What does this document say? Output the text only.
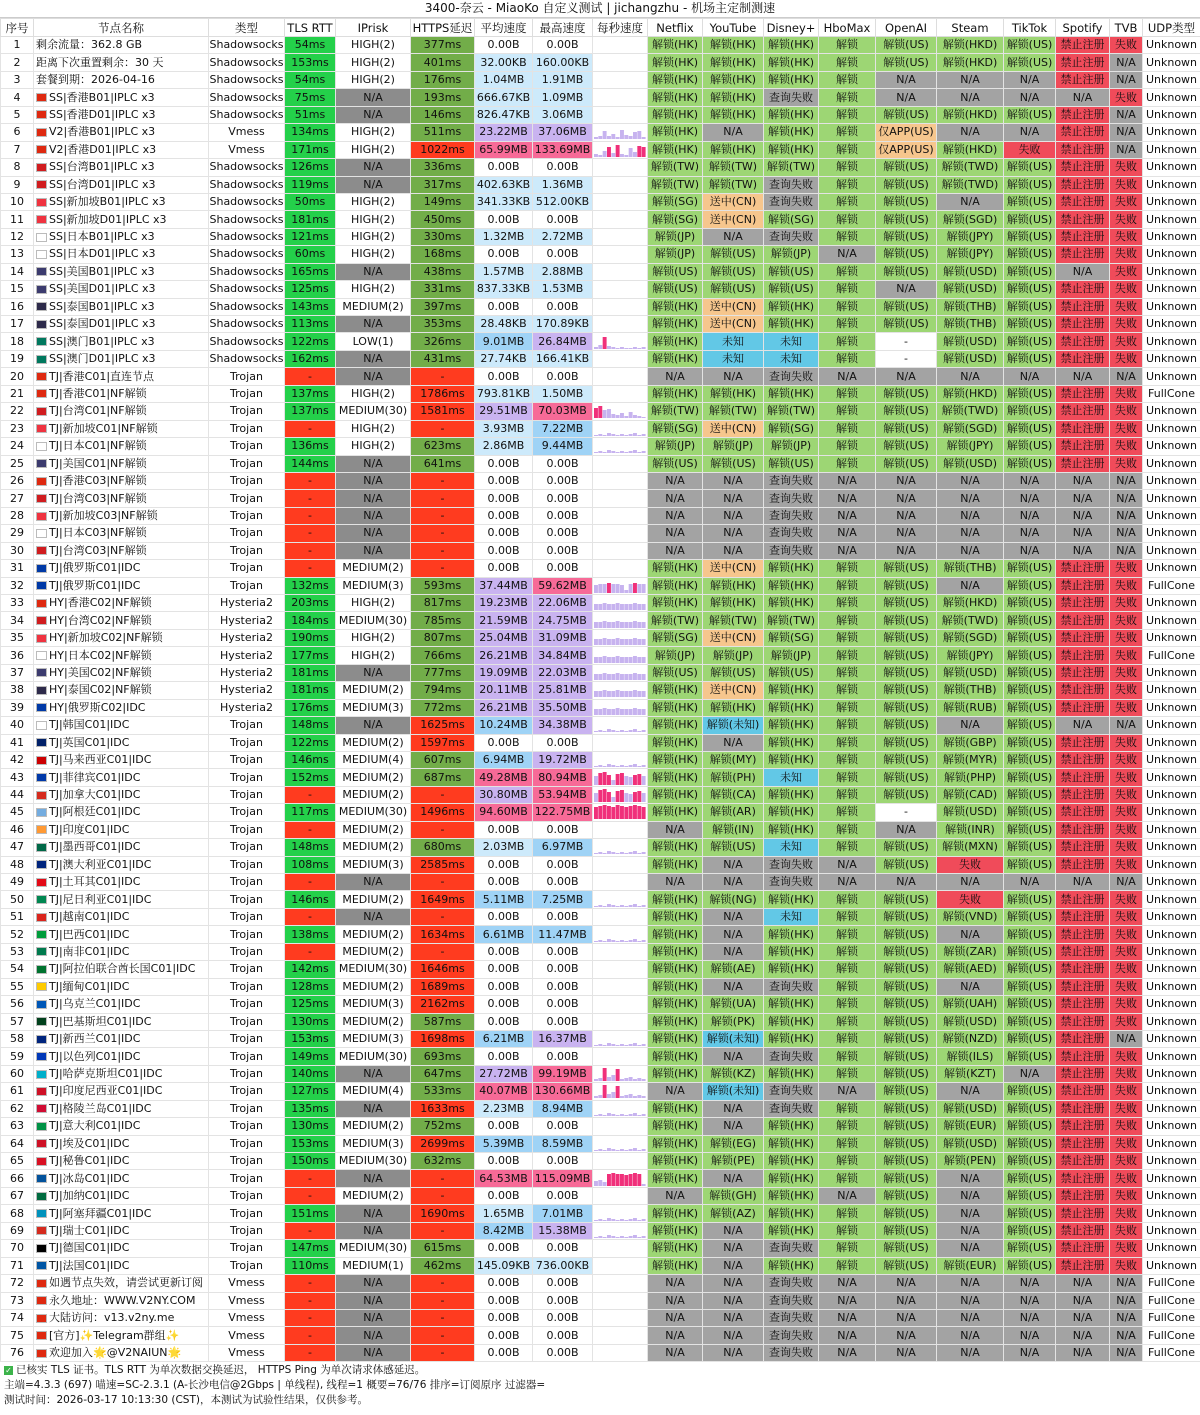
3400-奈云 - MiaoKo 自定义测试 | jichangzhu - 机场主定制测速
序号	节点名称	类型	TLS RTT	IPrisk	HTTPS延迟	平均速度	最高速度	每秒速度	Netflix	YouTube	Disney+	HboMax	OpenAI	Steam	TikTok	Spotify	TVB	UDP类型
1	剩余流量：362.8 GB	Shadowsocks	54ms	HIGH(2)	377ms	0.00B	0.00B		解锁(HK)	解锁(HK)	解锁(HK)	解锁	解锁(US)	解锁(HKD)	解锁(US)	禁止注册	失败	Unknown
2	距离下次重置剩余：30 天	Shadowsocks	153ms	HIGH(2)	401ms	32.00KB	160.00KB		解锁(HK)	解锁(HK)	解锁(HK)	解锁	解锁(US)	解锁(HKD)	解锁(US)	禁止注册	N/A	Unknown
3	套餐到期：2026-04-16	Shadowsocks	54ms	HIGH(2)	176ms	1.04MB	1.91MB		解锁(HK)	解锁(HK)	解锁(HK)	解锁	N/A	N/A	N/A	禁止注册	N/A	Unknown
4	SS|香港B01|IPLC x3	Shadowsocks	75ms	N/A	193ms	666.67KB	1.09MB		解锁(HK)	解锁(HK)	查询失败	解锁	N/A	N/A	N/A	N/A	失败	Unknown
5	SS|香港D01|IPLC x3	Shadowsocks	51ms	N/A	146ms	826.47KB	3.06MB		解锁(HK)	解锁(HK)	解锁(HK)	解锁	解锁(US)	解锁(HKD)	解锁(US)	禁止注册	N/A	Unknown
6	V2|香港B01|IPLC x3	Vmess	134ms	HIGH(2)	511ms	23.22MB	37.06MB		解锁(HK)	N/A	解锁(HK)	解锁	仅APP(US)	N/A	N/A	禁止注册	N/A	Unknown
7	V2|香港D01|IPLC x3	Vmess	171ms	HIGH(2)	1022ms	65.99MB	133.69MB		解锁(HK)	解锁(HK)	解锁(HK)	解锁	仅APP(US)	解锁(HKD)	失败	禁止注册	N/A	Unknown
8	SS|台湾B01|IPLC x3	Shadowsocks	126ms	N/A	336ms	0.00B	0.00B		解锁(TW)	解锁(TW)	解锁(TW)	解锁	解锁(US)	解锁(TWD)	解锁(US)	禁止注册	失败	Unknown
9	SS|台湾D01|IPLC x3	Shadowsocks	119ms	N/A	317ms	402.63KB	1.36MB		解锁(TW)	解锁(TW)	查询失败	解锁	解锁(US)	解锁(TWD)	解锁(US)	禁止注册	失败	Unknown
10	SS|新加坡B01|IPLC x3	Shadowsocks	50ms	HIGH(2)	149ms	341.33KB	512.00KB		解锁(SG)	送中(CN)	查询失败	解锁	解锁(US)	N/A	解锁(US)	禁止注册	失败	Unknown
11	SS|新加坡D01|IPLC x3	Shadowsocks	181ms	HIGH(2)	450ms	0.00B	0.00B		解锁(SG)	送中(CN)	解锁(SG)	解锁	解锁(US)	解锁(SGD)	解锁(US)	禁止注册	失败	Unknown
12	SS|日本B01|IPLC x3	Shadowsocks	121ms	HIGH(2)	330ms	1.32MB	2.72MB		解锁(JP)	N/A	查询失败	解锁	解锁(US)	解锁(JPY)	解锁(US)	禁止注册	失败	Unknown
13	SS|日本D01|IPLC x3	Shadowsocks	60ms	HIGH(2)	168ms	0.00B	0.00B		解锁(JP)	解锁(US)	解锁(JP)	N/A	解锁(US)	解锁(JPY)	解锁(US)	禁止注册	失败	Unknown
14	SS|美国B01|IPLC x3	Shadowsocks	165ms	N/A	438ms	1.57MB	2.88MB		解锁(US)	解锁(US)	解锁(US)	解锁	解锁(US)	解锁(USD)	解锁(US)	N/A	失败	Unknown
15	SS|美国D01|IPLC x3	Shadowsocks	125ms	HIGH(2)	331ms	837.33KB	1.53MB		解锁(US)	解锁(US)	解锁(US)	解锁	N/A	解锁(USD)	解锁(US)	禁止注册	失败	Unknown
16	SS|泰国B01|IPLC x3	Shadowsocks	143ms	MEDIUM(2)	397ms	0.00B	0.00B		解锁(HK)	送中(CN)	解锁(HK)	解锁	解锁(US)	解锁(THB)	解锁(US)	禁止注册	失败	Unknown
17	SS|泰国D01|IPLC x3	Shadowsocks	113ms	N/A	353ms	28.48KB	170.89KB		解锁(HK)	送中(CN)	解锁(HK)	解锁	解锁(US)	解锁(THB)	解锁(US)	禁止注册	失败	Unknown
18	SS|澳门B01|IPLC x3	Shadowsocks	122ms	LOW(1)	326ms	9.01MB	26.84MB		解锁(HK)	未知	未知	解锁	-	解锁(USD)	解锁(US)	禁止注册	失败	Unknown
19	SS|澳门D01|IPLC x3	Shadowsocks	162ms	N/A	431ms	27.74KB	166.41KB		解锁(HK)	未知	未知	解锁	-	解锁(USD)	解锁(US)	禁止注册	失败	Unknown
20	TJ|香港C01|直连节点	Trojan	-	N/A	-	0.00B	0.00B		N/A	N/A	查询失败	N/A	N/A	N/A	N/A	N/A	N/A	Unknown
21	TJ|香港C01|NF解锁	Trojan	137ms	HIGH(2)	1786ms	793.81KB	1.50MB		解锁(HK)	解锁(HK)	解锁(HK)	解锁	解锁(US)	解锁(HKD)	解锁(US)	禁止注册	失败	FullCone
22	TJ|台湾C01|NF解锁	Trojan	137ms	MEDIUM(30)	1581ms	29.51MB	70.03MB		解锁(TW)	解锁(TW)	解锁(TW)	解锁	解锁(US)	解锁(TWD)	解锁(US)	禁止注册	失败	Unknown
23	TJ|新加坡C01|NF解锁	Trojan	-	HIGH(2)	-	3.93MB	7.22MB		解锁(SG)	送中(CN)	解锁(SG)	解锁	解锁(US)	解锁(SGD)	解锁(US)	禁止注册	失败	Unknown
24	TJ|日本C01|NF解锁	Trojan	136ms	HIGH(2)	623ms	2.86MB	9.44MB		解锁(JP)	解锁(JP)	解锁(JP)	解锁	解锁(US)	解锁(JPY)	解锁(US)	禁止注册	失败	Unknown
25	TJ|美国C01|NF解锁	Trojan	144ms	N/A	641ms	0.00B	0.00B		解锁(US)	解锁(US)	解锁(US)	解锁	解锁(US)	解锁(USD)	解锁(US)	禁止注册	失败	Unknown
26	TJ|香港C03|NF解锁	Trojan	-	N/A	-	0.00B	0.00B		N/A	N/A	查询失败	N/A	N/A	N/A	N/A	N/A	N/A	Unknown
27	TJ|台湾C03|NF解锁	Trojan	-	N/A	-	0.00B	0.00B		N/A	N/A	查询失败	N/A	N/A	N/A	N/A	N/A	N/A	Unknown
28	TJ|新加坡C03|NF解锁	Trojan	-	N/A	-	0.00B	0.00B		N/A	N/A	查询失败	N/A	N/A	N/A	N/A	N/A	N/A	Unknown
29	TJ|日本C03|NF解锁	Trojan	-	N/A	-	0.00B	0.00B		N/A	N/A	查询失败	N/A	N/A	N/A	N/A	N/A	N/A	Unknown
30	TJ|台湾C03|NF解锁	Trojan	-	N/A	-	0.00B	0.00B		N/A	N/A	查询失败	N/A	N/A	N/A	N/A	N/A	N/A	Unknown
31	TJ|俄罗斯C01|IDC	Trojan	-	MEDIUM(2)	-	0.00B	0.00B		解锁(HK)	送中(CN)	解锁(HK)	解锁	解锁(US)	解锁(THB)	解锁(US)	禁止注册	失败	Unknown
32	TJ|俄罗斯C01|IDC	Trojan	132ms	MEDIUM(3)	593ms	37.44MB	59.62MB		解锁(HK)	解锁(HK)	解锁(HK)	解锁	解锁(US)	N/A	解锁(US)	禁止注册	失败	FullCone
33	HY|香港C02|NF解锁	Hysteria2	203ms	HIGH(2)	817ms	19.23MB	22.06MB		解锁(HK)	解锁(HK)	解锁(HK)	解锁	解锁(US)	解锁(HKD)	解锁(US)	禁止注册	失败	Unknown
34	HY|台湾C02|NF解锁	Hysteria2	184ms	MEDIUM(30)	785ms	21.59MB	24.75MB		解锁(TW)	解锁(TW)	解锁(TW)	解锁	解锁(US)	解锁(TWD)	解锁(US)	禁止注册	失败	Unknown
35	HY|新加坡C02|NF解锁	Hysteria2	190ms	HIGH(2)	807ms	25.04MB	31.09MB		解锁(SG)	送中(CN)	解锁(SG)	解锁	解锁(US)	解锁(SGD)	解锁(US)	禁止注册	失败	Unknown
36	HY|日本C02|NF解锁	Hysteria2	177ms	HIGH(2)	766ms	26.21MB	34.84MB		解锁(JP)	解锁(JP)	解锁(JP)	解锁	解锁(US)	解锁(JPY)	解锁(US)	禁止注册	失败	FullCone
37	HY|美国C02|NF解锁	Hysteria2	181ms	N/A	777ms	19.09MB	22.03MB		解锁(US)	解锁(US)	解锁(US)	解锁	解锁(US)	解锁(USD)	解锁(US)	禁止注册	失败	Unknown
38	HY|泰国C02|NF解锁	Hysteria2	181ms	MEDIUM(2)	794ms	20.11MB	25.81MB		解锁(HK)	送中(CN)	解锁(HK)	解锁	解锁(US)	解锁(THB)	解锁(US)	禁止注册	失败	Unknown
39	HY|俄罗斯C02|IDC	Hysteria2	176ms	MEDIUM(3)	772ms	26.21MB	35.50MB		解锁(HK)	解锁(HK)	解锁(HK)	解锁	解锁(US)	解锁(RUB)	解锁(US)	禁止注册	失败	Unknown
40	TJ|韩国C01|IDC	Trojan	148ms	N/A	1625ms	10.24MB	34.38MB		解锁(HK)	解锁(未知)	解锁(HK)	解锁	解锁(US)	N/A	解锁(US)	N/A	N/A	Unknown
41	TJ|英国C01|IDC	Trojan	122ms	MEDIUM(2)	1597ms	0.00B	0.00B		解锁(HK)	N/A	解锁(HK)	解锁	解锁(US)	解锁(GBP)	解锁(US)	禁止注册	失败	Unknown
42	TJ|马来西亚C01|IDC	Trojan	146ms	MEDIUM(4)	607ms	6.94MB	19.72MB		解锁(HK)	解锁(MY)	解锁(HK)	解锁	解锁(US)	解锁(MYR)	解锁(US)	禁止注册	失败	Unknown
43	TJ|菲律宾C01|IDC	Trojan	152ms	MEDIUM(2)	687ms	49.28MB	80.94MB		解锁(HK)	解锁(PH)	未知	解锁	解锁(US)	解锁(PHP)	解锁(US)	禁止注册	失败	Unknown
44	TJ|加拿大C01|IDC	Trojan	-	MEDIUM(2)	-	30.80MB	53.94MB		解锁(HK)	解锁(CA)	解锁(HK)	解锁	解锁(US)	解锁(CAD)	解锁(US)	禁止注册	失败	Unknown
45	TJ|阿根廷C01|IDC	Trojan	117ms	MEDIUM(30)	1496ms	94.60MB	122.75MB		解锁(HK)	解锁(AR)	解锁(HK)	解锁	-	解锁(USD)	解锁(US)	禁止注册	失败	Unknown
46	TJ|印度C01|IDC	Trojan	-	MEDIUM(2)	-	0.00B	0.00B		N/A	解锁(IN)	解锁(HK)	解锁	N/A	解锁(INR)	解锁(US)	禁止注册	失败	Unknown
47	TJ|墨西哥C01|IDC	Trojan	148ms	MEDIUM(2)	680ms	2.03MB	6.97MB		解锁(HK)	解锁(US)	未知	解锁	解锁(US)	解锁(MXN)	解锁(US)	禁止注册	失败	Unknown
48	TJ|澳大利亚C01|IDC	Trojan	108ms	MEDIUM(3)	2585ms	0.00B	0.00B		解锁(HK)	N/A	查询失败	N/A	解锁(US)	失败	解锁(US)	禁止注册	失败	Unknown
49	TJ|土耳其C01|IDC	Trojan	-	N/A	-	0.00B	0.00B		N/A	N/A	查询失败	N/A	N/A	N/A	N/A	N/A	N/A	Unknown
50	TJ|尼日利亚C01|IDC	Trojan	146ms	MEDIUM(2)	1649ms	5.11MB	7.25MB		解锁(HK)	解锁(NG)	解锁(HK)	解锁	解锁(US)	失败	解锁(US)	禁止注册	失败	Unknown
51	TJ|越南C01|IDC	Trojan	-	N/A	-	0.00B	0.00B		解锁(HK)	N/A	未知	解锁	解锁(US)	解锁(VND)	解锁(US)	禁止注册	失败	Unknown
52	TJ|巴西C01|IDC	Trojan	138ms	MEDIUM(2)	1634ms	6.61MB	11.47MB		解锁(HK)	N/A	解锁(HK)	解锁	解锁(US)	N/A	解锁(US)	禁止注册	失败	Unknown
53	TJ|南非C01|IDC	Trojan	-	MEDIUM(2)	-	0.00B	0.00B		解锁(HK)	N/A	解锁(HK)	解锁	解锁(US)	解锁(ZAR)	解锁(US)	禁止注册	失败	Unknown
54	TJ|阿拉伯联合酋长国C01|IDC	Trojan	142ms	MEDIUM(30)	1646ms	0.00B	0.00B		解锁(HK)	解锁(AE)	解锁(HK)	解锁	解锁(US)	解锁(AED)	解锁(US)	禁止注册	失败	Unknown
55	TJ|缅甸C01|IDC	Trojan	128ms	MEDIUM(2)	1689ms	0.00B	0.00B		解锁(HK)	N/A	查询失败	解锁	解锁(US)	N/A	解锁(US)	禁止注册	失败	Unknown
56	TJ|乌克兰C01|IDC	Trojan	125ms	MEDIUM(3)	2162ms	0.00B	0.00B		解锁(HK)	解锁(UA)	解锁(HK)	解锁	解锁(US)	解锁(UAH)	解锁(US)	禁止注册	失败	Unknown
57	TJ|巴基斯坦C01|IDC	Trojan	130ms	MEDIUM(2)	587ms	0.00B	0.00B		解锁(HK)	解锁(PK)	解锁(HK)	解锁	解锁(US)	解锁(USD)	解锁(US)	禁止注册	失败	Unknown
58	TJ|新西兰C01|IDC	Trojan	153ms	MEDIUM(3)	1698ms	6.21MB	16.37MB		解锁(HK)	解锁(未知)	解锁(HK)	解锁	解锁(US)	解锁(NZD)	解锁(US)	禁止注册	N/A	Unknown
59	TJ|以色列C01|IDC	Trojan	149ms	MEDIUM(30)	693ms	0.00B	0.00B		解锁(HK)	N/A	查询失败	解锁	解锁(US)	解锁(ILS)	解锁(US)	禁止注册	失败	Unknown
60	TJ|哈萨克斯坦C01|IDC	Trojan	140ms	N/A	647ms	27.72MB	99.19MB		解锁(HK)	解锁(KZ)	解锁(HK)	解锁	解锁(US)	解锁(KZT)	N/A	禁止注册	失败	Unknown
61	TJ|印度尼西亚C01|IDC	Trojan	127ms	MEDIUM(4)	533ms	40.07MB	130.66MB		N/A	解锁(未知)	查询失败	N/A	解锁(US)	N/A	解锁(US)	禁止注册	失败	Unknown
62	TJ|格陵兰岛C01|IDC	Trojan	135ms	N/A	1633ms	2.23MB	8.94MB		解锁(HK)	N/A	查询失败	解锁	解锁(US)	解锁(USD)	解锁(US)	禁止注册	失败	Unknown
63	TJ|意大利C01|IDC	Trojan	130ms	MEDIUM(2)	752ms	0.00B	0.00B		解锁(HK)	N/A	解锁(HK)	解锁	解锁(US)	解锁(EUR)	解锁(US)	禁止注册	失败	Unknown
64	TJ|埃及C01|IDC	Trojan	153ms	MEDIUM(3)	2699ms	5.39MB	8.59MB		解锁(HK)	解锁(EG)	解锁(HK)	解锁	解锁(US)	解锁(USD)	解锁(US)	禁止注册	失败	Unknown
65	TJ|秘鲁C01|IDC	Trojan	150ms	MEDIUM(30)	632ms	0.00B	0.00B		解锁(HK)	解锁(PE)	解锁(HK)	解锁	解锁(US)	解锁(PEN)	解锁(US)	禁止注册	失败	Unknown
66	TJ|冰岛C01|IDC	Trojan	-	N/A	-	64.53MB	115.09MB		解锁(HK)	N/A	解锁(HK)	解锁	解锁(US)	N/A	解锁(US)	禁止注册	失败	Unknown
67	TJ|加纳C01|IDC	Trojan	-	MEDIUM(2)	-	0.00B	0.00B		N/A	解锁(GH)	解锁(HK)	N/A	解锁(US)	N/A	解锁(US)	禁止注册	失败	Unknown
68	TJ|阿塞拜疆C01|IDC	Trojan	151ms	N/A	1690ms	1.65MB	7.01MB		解锁(HK)	解锁(AZ)	解锁(HK)	解锁	解锁(US)	N/A	解锁(US)	禁止注册	失败	Unknown
69	TJ|瑞士C01|IDC	Trojan	-	N/A	-	8.42MB	15.38MB		解锁(HK)	N/A	解锁(HK)	解锁	解锁(US)	N/A	解锁(US)	禁止注册	失败	Unknown
70	TJ|德国C01|IDC	Trojan	147ms	MEDIUM(30)	615ms	0.00B	0.00B		解锁(HK)	N/A	查询失败	解锁	解锁(US)	N/A	解锁(US)	禁止注册	失败	Unknown
71	TJ|法国C01|IDC	Trojan	110ms	MEDIUM(1)	462ms	145.09KB	736.00KB		解锁(HK)	N/A	解锁(HK)	解锁	解锁(US)	解锁(EUR)	解锁(US)	禁止注册	失败	Unknown
72	如遇节点失效，请尝试更新订阅	Vmess	-	N/A	-	0.00B	0.00B		N/A	N/A	查询失败	N/A	N/A	N/A	N/A	N/A	N/A	FullCone
73	永久地址：WWW.V2NY.COM	Vmess	-	N/A	-	0.00B	0.00B		N/A	N/A	查询失败	N/A	N/A	N/A	N/A	N/A	N/A	FullCone
74	大陆访问：v13.v2ny.me	Vmess	-	N/A	-	0.00B	0.00B		N/A	N/A	查询失败	N/A	N/A	N/A	N/A	N/A	N/A	FullCone
75	[官方]✨Telegram群组✨	Vmess	-	N/A	-	0.00B	0.00B		N/A	N/A	查询失败	N/A	N/A	N/A	N/A	N/A	N/A	FullCone
76	欢迎加入🌟@V2NAIUN🌟	Vmess	-	N/A	-	0.00B	0.00B		N/A	N/A	查询失败	N/A	N/A	N/A	N/A	N/A	N/A	FullCone
✓ 已核实 TLS 证书。TLS RTT 为单次数据交换延迟， HTTPS Ping 为单次请求体感延迟。
主端=4.3.3 (697) 喵速=SC-2.3.1 (A-长沙电信@2Gbps | 单线程), 线程=1 概要=76/76 排序=订阅原序 过滤器=
测试时间：2026-03-17 10:13:30 (CST)，本测试为试验性结果，仅供参考。
